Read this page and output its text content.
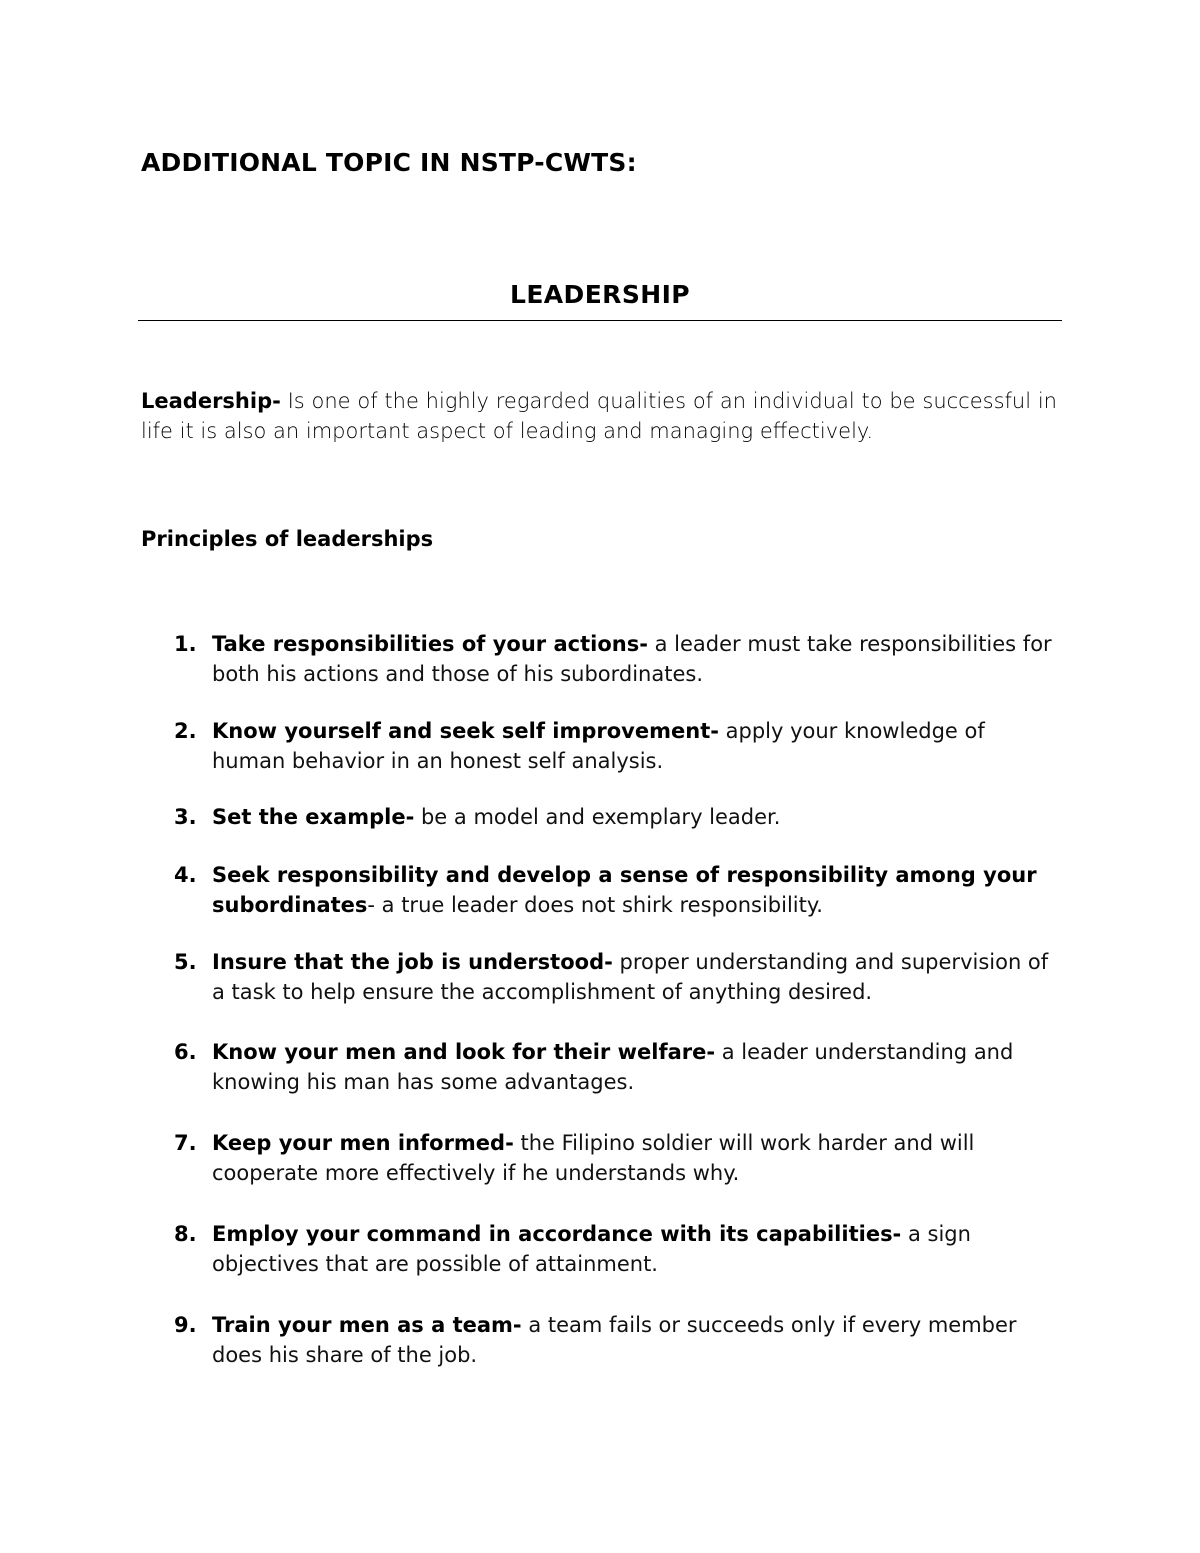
ADDITIONAL TOPIC IN NSTP-CWTS:
LEADERSHIP

Leadership- Is one of the highly regarded qualities of an individual to be successful in life it is also an important aspect of leading and managing effectively.

Principles of leaderships
1. Take responsibilities of your actions- a leader must take responsibilities for both his actions and those of his subordinates.
2. Know yourself and seek self improvement- apply your knowledge of human behavior in an honest self analysis.
3. Set the example- be a model and exemplary leader.
4. Seek responsibility and develop a sense of responsibility among your subordinates- a true leader does not shirk responsibility.
5. Insure that the job is understood- proper understanding and supervision of a task to help ensure the accomplishment of anything desired.
6. Know your men and look for their welfare- a leader understanding and knowing his man has some advantages.
7. Keep your men informed- the Filipino soldier will work harder and will cooperate more effectively if he understands why.
8. Employ your command in accordance with its capabilities- a sign objectives that are possible of attainment.
9. Train your men as a team- a team fails or succeeds only if every member does his share of the job.
